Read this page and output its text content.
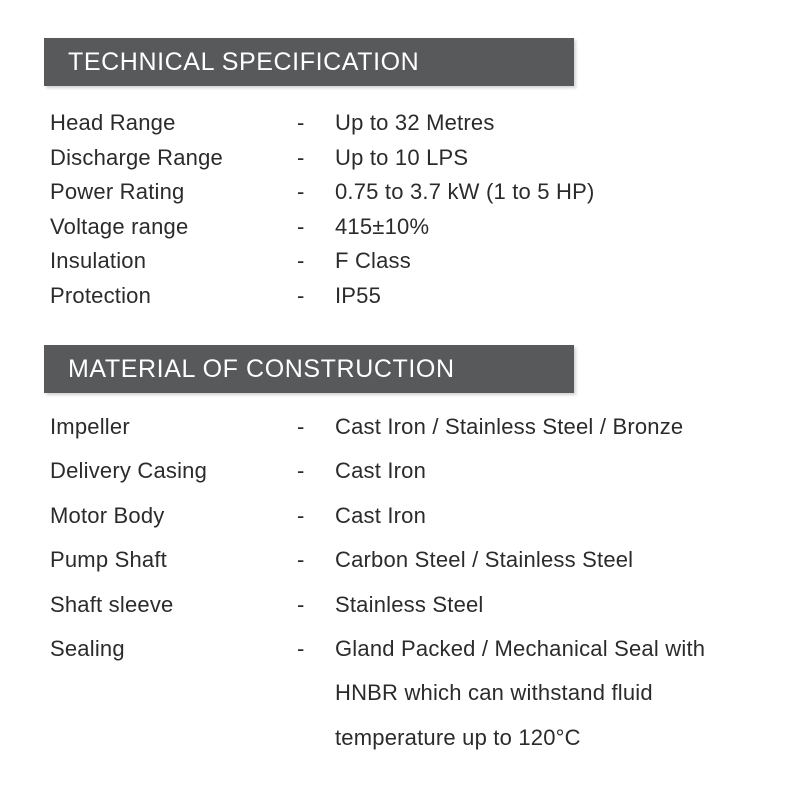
TECHNICAL SPECIFICATION
Head Range	-	Up to 32 Metres
Discharge Range	-	Up to 10 LPS
Power Rating	-	0.75 to 3.7 kW (1 to 5 HP)
Voltage range	-	415±10%
Insulation	-	F Class
Protection	-	IP55
MATERIAL OF CONSTRUCTION
Impeller	-	Cast Iron / Stainless Steel / Bronze
Delivery Casing	-	Cast Iron
Motor Body	-	Cast Iron
Pump Shaft	-	Carbon Steel / Stainless Steel
Shaft sleeve	-	Stainless Steel
Sealing	-	Gland Packed / Mechanical Seal with
HNBR which can withstand fluid
temperature up to 120°C
